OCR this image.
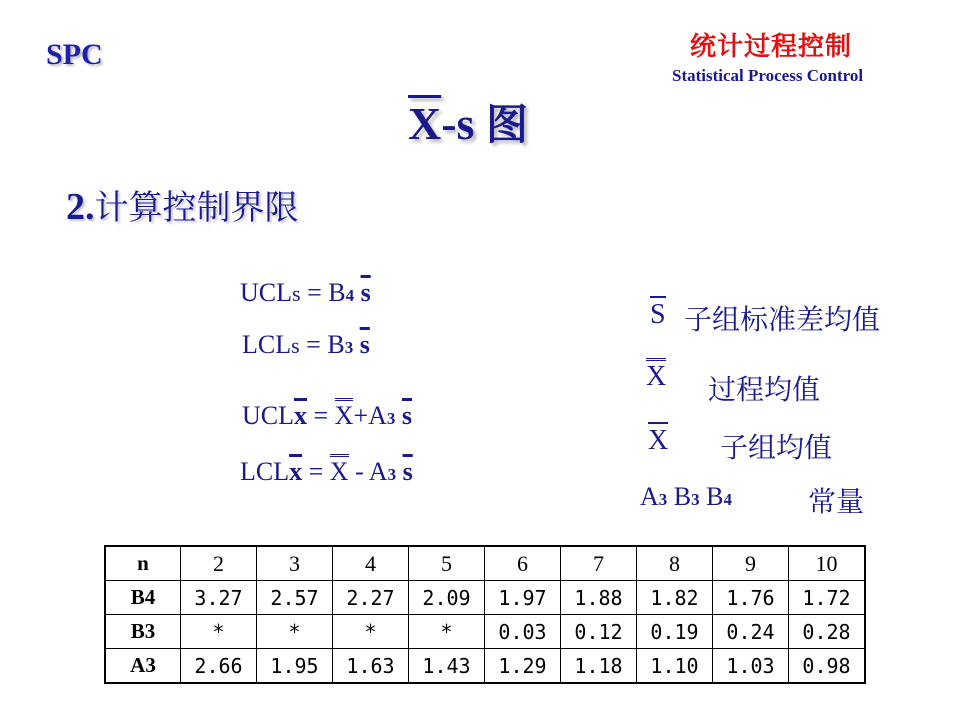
SPC	统计过程控制
Statistical Process Control
$\overline{X}-s$ 图
2.计算控制界限
UCLs = B4 $\overline{s}$
LCLs = B3 $\overline{s}$
$UCL\overline{x} = X+A3$ $\overline{s}$
$LCL\overline{x} = X - A3$ $\overline{s}$
S 子组标准差均值
X 过程均值
X 子组均值
A3 B3 B4	常量
n	2	3	4	5	6	7	8	9	10
B4	3.27	2.57	2.27	2.09	1.97	1.88	1.82	1.76	1.72
B3	*	*	*	*	0.03	0.12	0.19	0.24	0.28
A3	2.66	1.95	1.63	1.43	1.29	1.18	1.10	1.03	0.98
